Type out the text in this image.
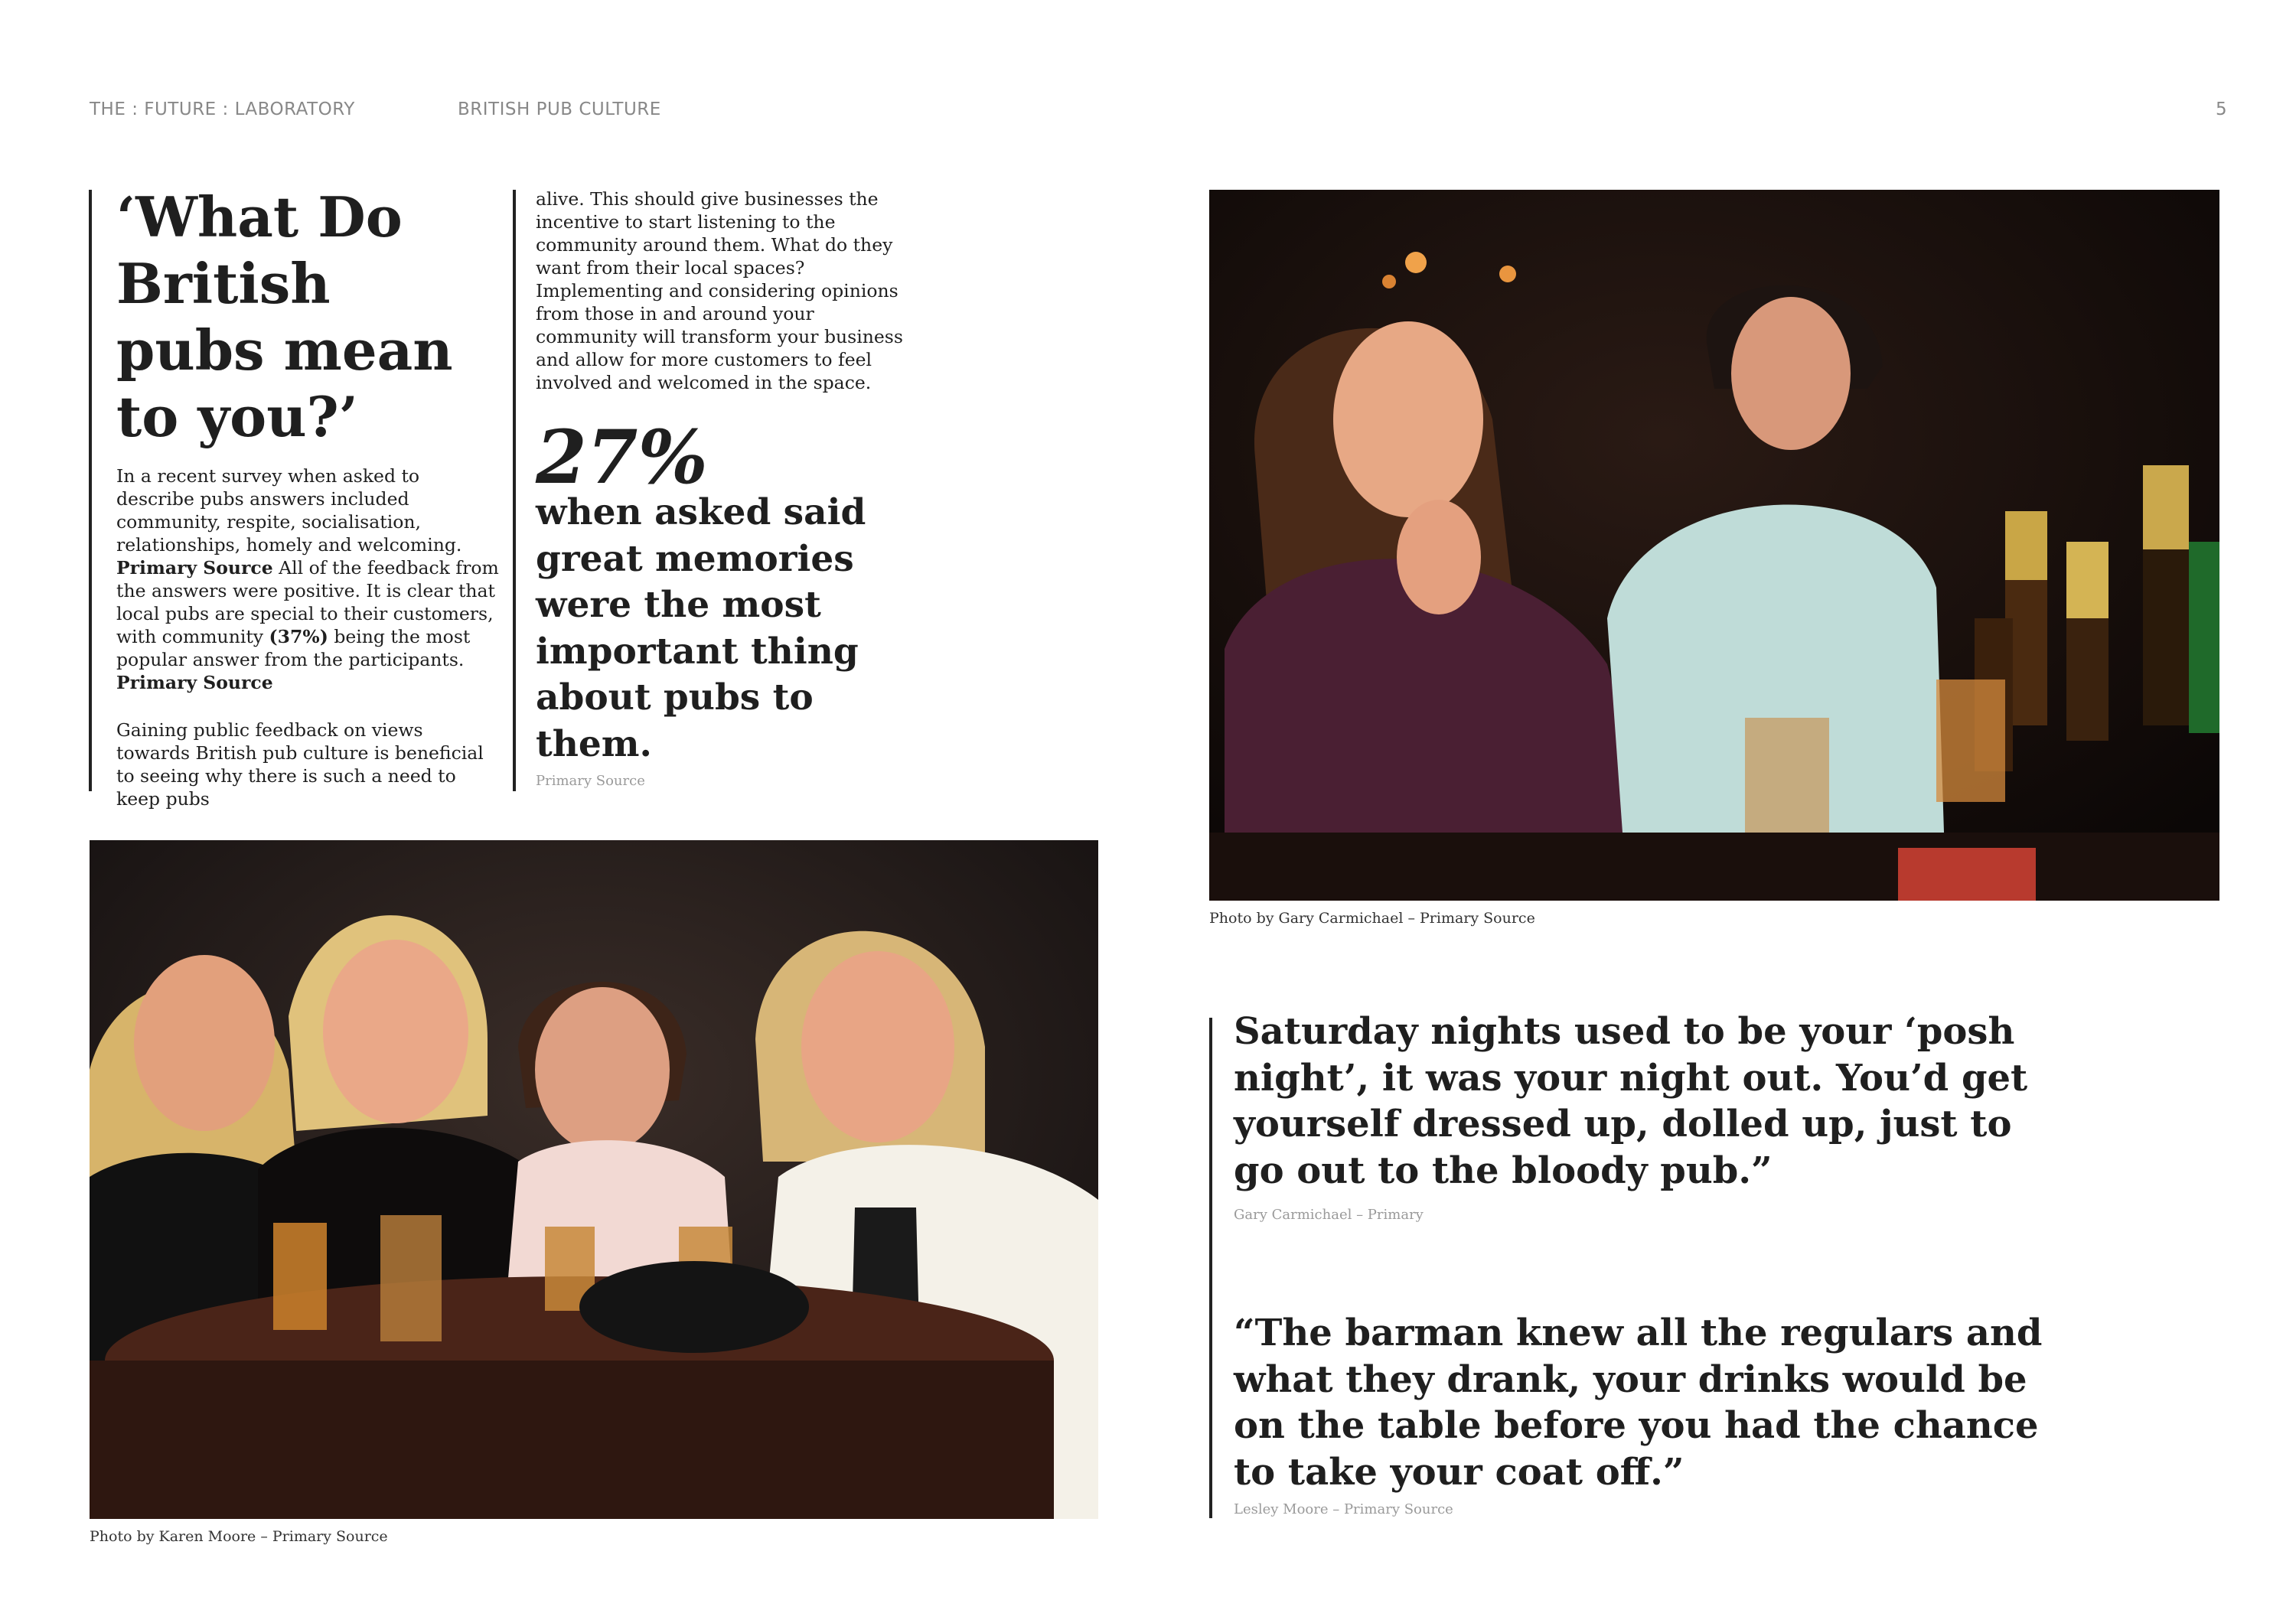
THE : FUTURE : LABORATORY	BRITISH PUB CULTURE	5
‘What Do British pubs mean to you?’

In a recent survey when asked to describe pubs answers included community, respite, socialisation, relationships, homely and welcoming. Primary Source All of the feedback from the answers were positive. It is clear that local pubs are special to their customers, with community (37%) being the most popular answer from the participants. Primary Source

Gaining public feedback on views towards British pub culture is beneficial to seeing why there is such a need to keep pubs

alive. This should give businesses the incentive to start listening to the community around them. What do they want from their local spaces? Implementing and considering opinions from those in and around your community will transform your business and allow for more customers to feel involved and welcomed in the space.

27%

when asked said great memories were the most important thing about pubs to them.

Primary Source
Photo by Karen Moore – Primary Source
Photo by Gary Carmichael – Primary Source

Saturday nights used to be your ‘posh night’, it was your night out. You’d get yourself dressed up, dolled up, just to go out to the bloody pub.”

Gary Carmichael – Primary

“The barman knew all the regulars and what they drank, your drinks would be on the table before you had the chance to take your coat off.”

Lesley Moore – Primary Source
